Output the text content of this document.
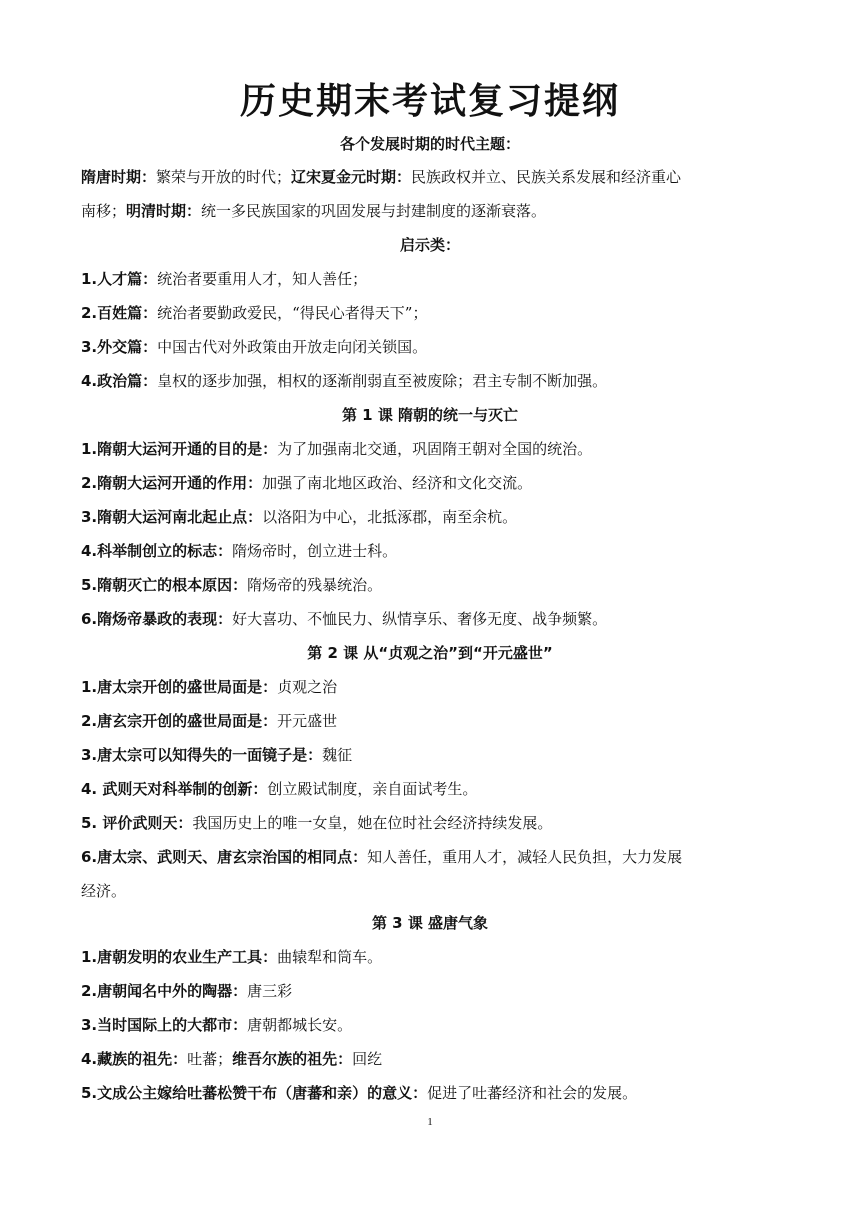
历史期末考试复习提纲
各个发展时期的时代主题：
隋唐时期：繁荣与开放的时代；辽宋夏金元时期：民族政权并立、民族关系发展和经济重心
南移；明清时期：统一多民族国家的巩固发展与封建制度的逐渐衰落。
启示类：
1.人才篇：统治者要重用人才，知人善任；
2.百姓篇：统治者要勤政爱民，“得民心者得天下”；
3.外交篇：中国古代对外政策由开放走向闭关锁国。
4.政治篇：皇权的逐步加强，相权的逐渐削弱直至被废除；君主专制不断加强。
第 1 课 隋朝的统一与灭亡
1.隋朝大运河开通的目的是：为了加强南北交通，巩固隋王朝对全国的统治。
2.隋朝大运河开通的作用：加强了南北地区政治、经济和文化交流。
3.隋朝大运河南北起止点：以洛阳为中心，北抵涿郡，南至余杭。
4.科举制创立的标志：隋炀帝时，创立进士科。
5.隋朝灭亡的根本原因：隋炀帝的残暴统治。
6.隋炀帝暴政的表现：好大喜功、不恤民力、纵情享乐、奢侈无度、战争频繁。
第 2 课 从“贞观之治”到“开元盛世”
1.唐太宗开创的盛世局面是：贞观之治
2.唐玄宗开创的盛世局面是：开元盛世
3.唐太宗可以知得失的一面镜子是：魏征
4. 武则天对科举制的创新：创立殿试制度，亲自面试考生。
5. 评价武则天：我国历史上的唯一女皇，她在位时社会经济持续发展。
6.唐太宗、武则天、唐玄宗治国的相同点：知人善任，重用人才，减轻人民负担，大力发展
经济。
第 3 课 盛唐气象
1.唐朝发明的农业生产工具：曲辕犁和筒车。
2.唐朝闻名中外的陶器：唐三彩
3.当时国际上的大都市：唐朝都城长安。
4.藏族的祖先：吐蕃；维吾尔族的祖先：回纥
5.文成公主嫁给吐蕃松赞干布（唐蕃和亲）的意义：促进了吐蕃经济和社会的发展。
1
